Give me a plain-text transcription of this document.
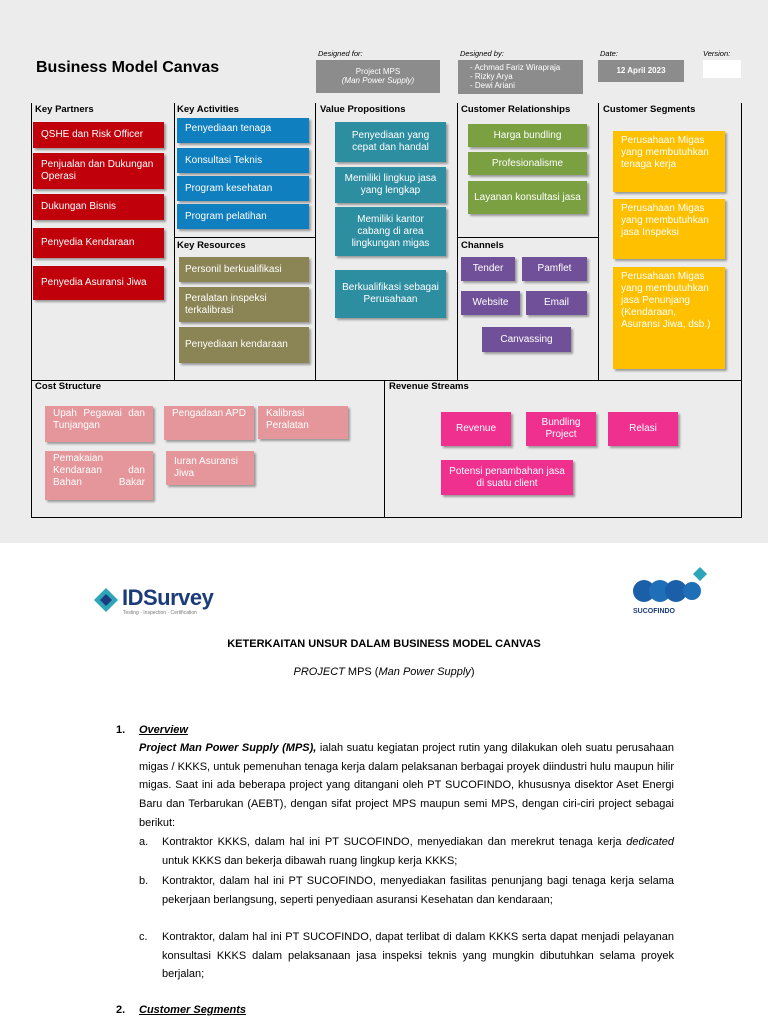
Business Model Canvas
Designed for:
Project MPS
(Man Power Supply)
Designed by:
- Achmad Fariz Wirapraja
- Rizky Arya
- Dewi Ariani
Date:
12 April 2023
Version:
Key Partners	Key Activities	Value Propositions	Customer Relationships	Customer Segments
Key Resources	Channels
Cost Structure	Revenue Streams
QSHE dan Risk Officer
Penjualan dan Dukungan Operasi
Dukungan Bisnis
Penyedia Kendaraan
Penyedia Asuransi Jiwa
Penyediaan tenaga
Konsultasi Teknis
Program kesehatan
Program pelatihan
Personil berkualifikasi
Peralatan inspeksi terkalibrasi
Penyediaan kendaraan
Penyediaan yang cepat dan handal
Memiliki lingkup jasa yang lengkap
Memiliki kantor cabang di area lingkungan migas
Berkualifikasi sebagai Perusahaan
Harga bundling
Profesionalisme
Layanan konsultasi jasa
Tender	Pamflet
Website	Email
Canvassing
Perusahaan Migas yang membutuhkan tenaga kerja
Perusahaan Migas yang membutuhkan jasa Inspeksi
Perusahaan Migas yang membutuhkan jasa Penunjang (Kendaraan, Asuransi Jiwa, dsb.)
Upah Pegawai dan Tunjangan
Pengadaan APD	Kalibrasi Peralatan
Pemakaian Kendaraan dan Bahan Bakar
Iuran Asuransi Jiwa
Revenue
Bundling Project
Relasi
Potensi penambahan jasa di suatu client
IDSurvey
Testing · Inspection · Certification	SUCOFINDO
KETERKAITAN UNSUR DALAM BUSINESS MODEL CANVAS
PROJECT MPS (Man Power Supply)
1. Overview
Project Man Power Supply (MPS), ialah suatu kegiatan project rutin yang dilakukan oleh suatu perusahaan migas / KKKS, untuk pemenuhan tenaga kerja dalam pelaksanan berbagai proyek diindustri hulu maupun hilir migas. Saat ini ada beberapa project yang ditangani oleh PT SUCOFINDO, khususnya disektor Aset Energi Baru dan Terbarukan (AEBT), dengan sifat project MPS maupun semi MPS, dengan ciri-ciri project sebagai berikut:
a. Kontraktor KKKS, dalam hal ini PT SUCOFINDO, menyediakan dan merekrut tenaga kerja dedicated untuk KKKS dan bekerja dibawah ruang lingkup kerja KKKS;
b. Kontraktor, dalam hal ini PT SUCOFINDO, menyediakan fasilitas penunjang bagi tenaga kerja selama pekerjaan berlangsung, seperti penyediaan asuransi Kesehatan dan kendaraan;
c. Kontraktor, dalam hal ini PT SUCOFINDO, dapat terlibat di dalam KKKS serta dapat menjadi pelayanan konsultasi KKKS dalam pelaksanaan jasa inspeksi teknis yang mungkin dibutuhkan selama proyek berjalan;
2. Customer Segments
